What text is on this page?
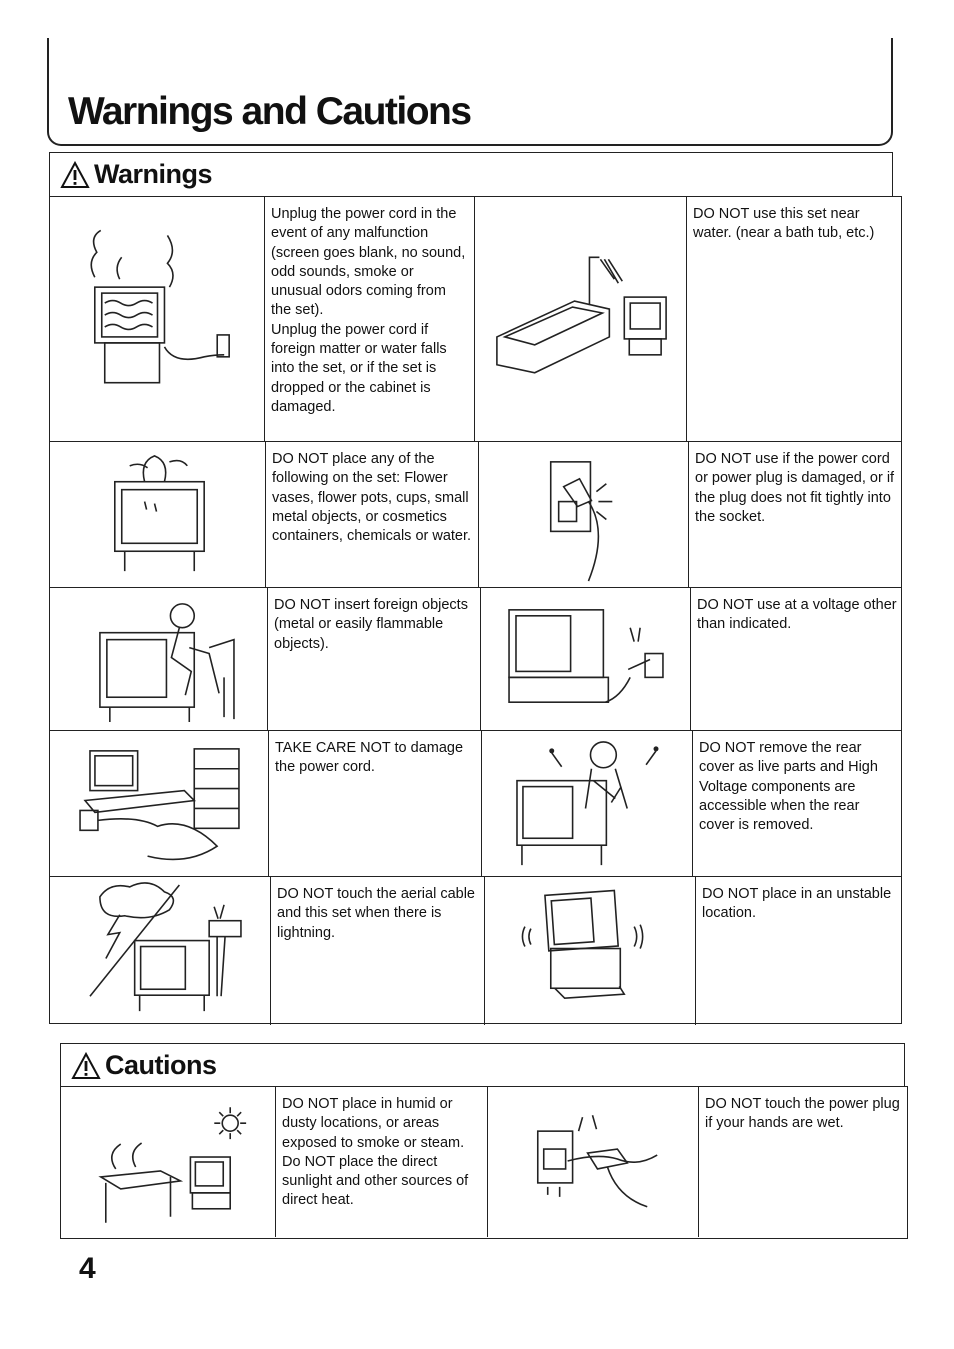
Warnings and Cautions
Warnings

Unplug the power cord in the event of any malfunction (screen goes blank, no sound, odd sounds, smoke or unusual odors coming from the set).
Unplug the power cord if foreign matter or water falls into the set, or if the set is dropped or the cabinet is damaged.

DO NOT use this set near water. (near a bath tub, etc.)

DO NOT place any of the following on the set: Flower vases, flower pots, cups, small metal objects, or cosmetics containers, chemicals or water.

DO NOT use if the power cord or power plug is damaged, or if the plug does not fit tightly into the socket.

DO NOT insert foreign objects (metal or easily flammable objects).

DO NOT use at a voltage other than indicated.

TAKE CARE NOT to damage the power cord.

DO NOT remove the rear cover as live parts and High Voltage components are accessible when the rear cover is removed.

DO NOT touch the aerial cable and this set when there is lightning.

DO NOT place in an unstable location.

Cautions

DO NOT place in humid or dusty locations, or areas exposed to smoke or steam.
Do NOT place the direct sunlight and other sources of direct heat.

DO NOT touch the power plug if your hands are wet.

4
